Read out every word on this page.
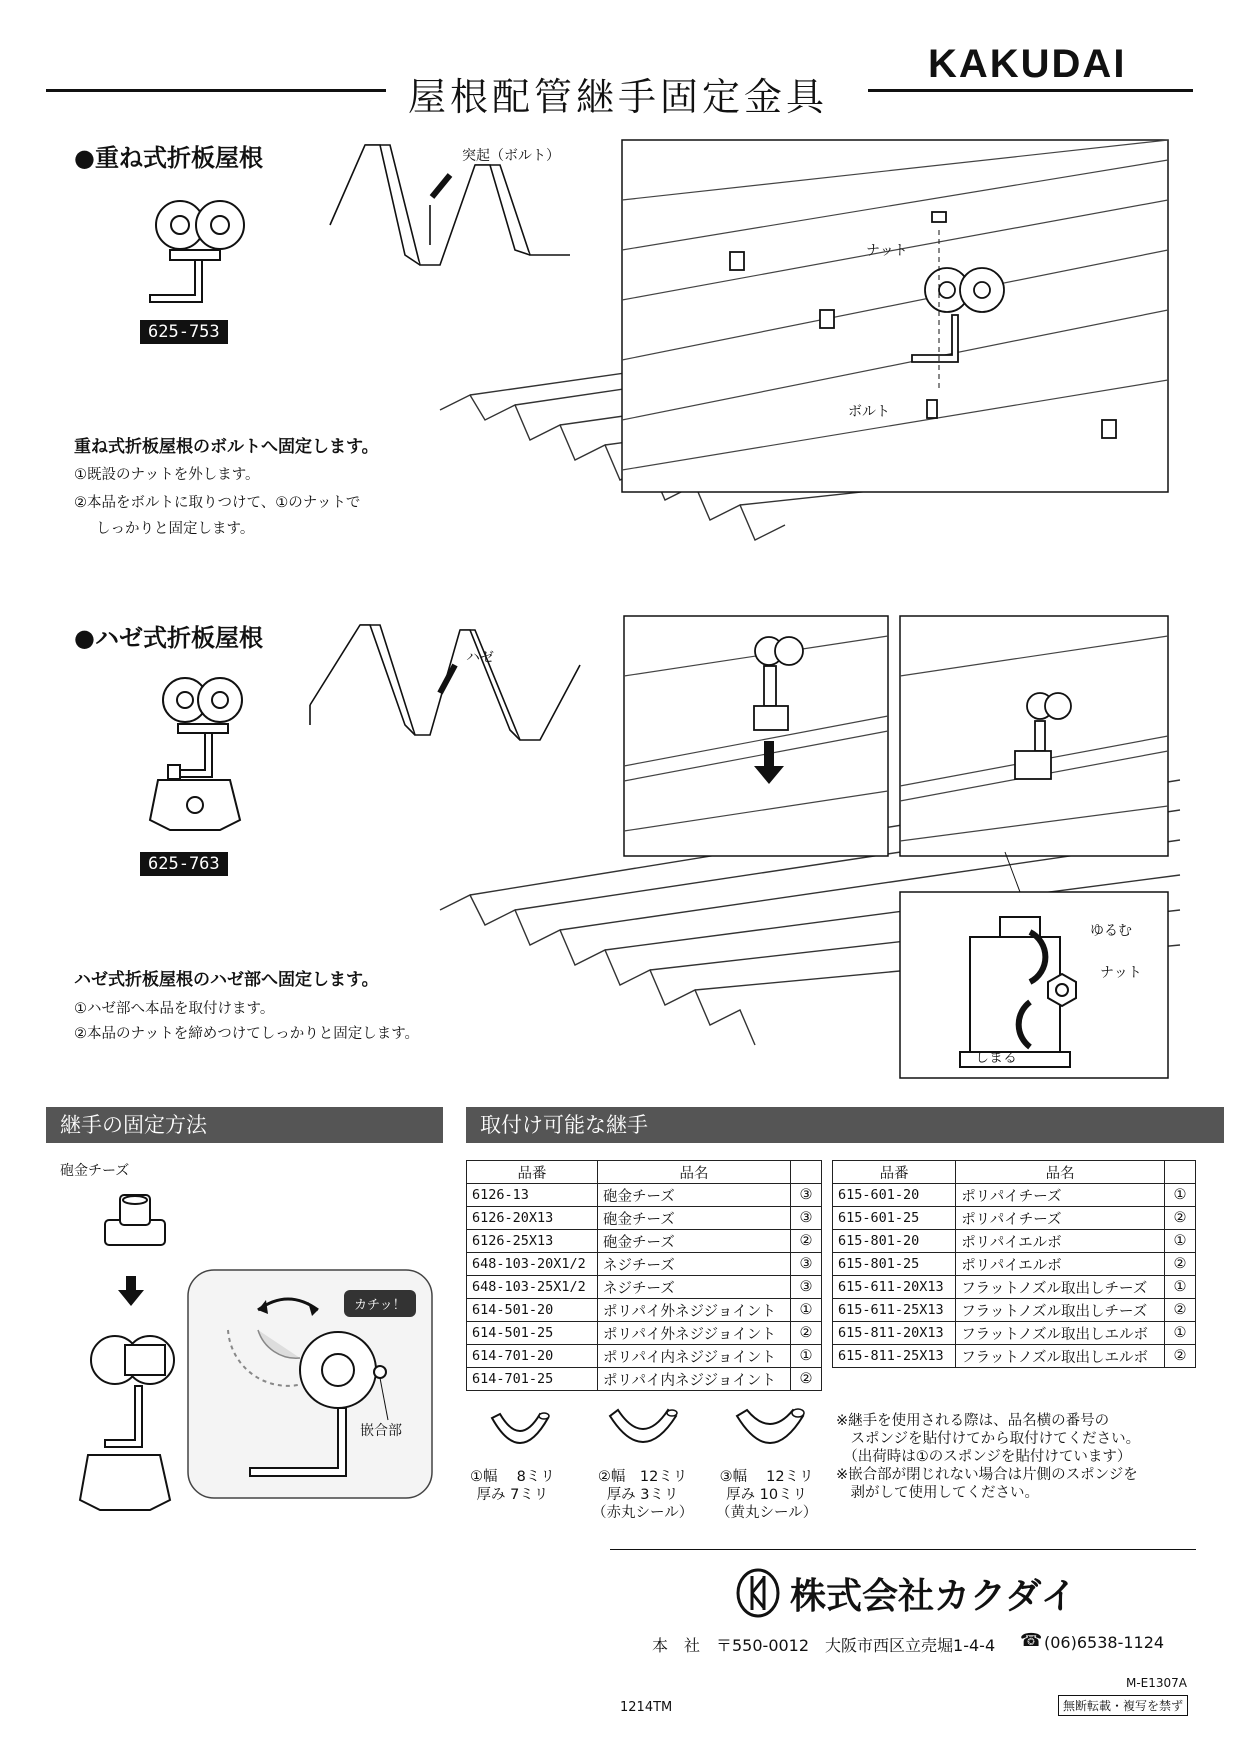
屋根配管継手固定金具
KAKUDAI
●重ね式折板屋根
625-753
突起（ボルト）
ナット
ボルト
重ね式折板屋根のボルトへ固定します。
①既設のナットを外します。
②本品をボルトに取りつけて、①のナットで
しっかりと固定します。
●ハゼ式折板屋根
625-763
ハゼ
ゆるむ
ナット
しまる
ハゼ式折板屋根のハゼ部へ固定します。
①ハゼ部へ本品を取付けます。
②本品のナットを締めつけてしっかりと固定します。
継手の固定方法
砲金チーズ
カチッ！
嵌合部
取付け可能な継手
品番	品名	
6126-13	砲金チーズ	③
6126-20X13	砲金チーズ	③
6126-25X13	砲金チーズ	②
648-103-20X1/2	ネジチーズ	③
648-103-25X1/2	ネジチーズ	③
614-501-20	ポリパイ外ネジジョイント	①
614-501-25	ポリパイ外ネジジョイント	②
614-701-20	ポリパイ内ネジジョイント	①
614-701-25	ポリパイ内ネジジョイント	②
品番	品名	
615-601-20	ポリパイチーズ	①
615-601-25	ポリパイチーズ	②
615-801-20	ポリパイエルボ	①
615-801-25	ポリパイエルボ	②
615-611-20X13	フラットノズル取出しチーズ	①
615-611-25X13	フラットノズル取出しチーズ	②
615-811-20X13	フラットノズル取出しエルボ	①
615-811-25X13	フラットノズル取出しエルボ	②
①幅　 8ミリ
厚み 7ミリ
②幅　12ミリ
厚み 3ミリ
（赤丸シール）
③幅　 12ミリ
厚み 10ミリ
（黄丸シール）
※継手を使用される際は、品名横の番号の
　スポンジを貼付けてから取付けてください。
　（出荷時は①のスポンジを貼付けています）
※嵌合部が閉じれない場合は片側のスポンジを
　剥がして使用してください。
株式会社カクダイ
本　社　〒550-0012　大阪市西区立売堀1-4-4 ☎ (06)6538-1124
M-E1307A
無断転載・複写を禁ず
1214TM
